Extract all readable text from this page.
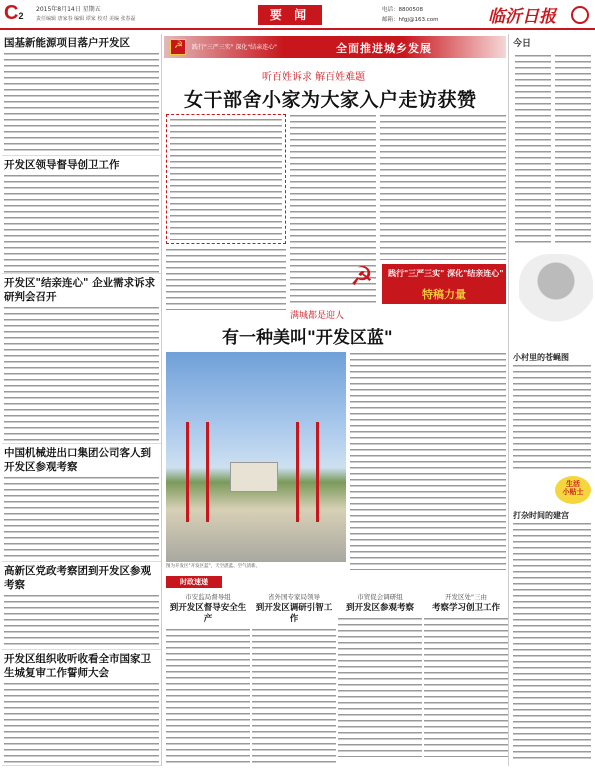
C2
2015年8月14日 星期五
责任编辑 唐家春 编辑 谭家 校对 美编 张春磊	要 闻	电话：8800508
邮箱：hfgj@163.com	临沂日报
国基新能源项目落户开发区
开发区领导督导创卫工作
开发区"结亲连心" 企业需求诉求研判会召开
中国机械进出口集团公司客人到开发区参观考察
高新区党政考察团到开发区参观考察
开发区组织收听收看全市国家卫生城复审工作誓师大会
☭
践行"三严三实" 深化"结亲连心"	全面推进城乡发展
听百姓诉求 解百姓难题
女干部舍小家为大家入户走访获赞
☭	践行"三严三实" 深化"结亲连心"
特稿力量
满城都是迎人
有一种美叫"开发区蓝"
图为开发区"开发区蓝"，天空湛蓝、空气清新。
时政速递
市安监局督导组
到开发区督导安全生产
省外国专家局领导
到开发区调研引智工作
市贸促会调研组
到开发区参观考察
开发区处"三由
考察学习创卫工作
今日
小村里的苍蝇图
生活
小贴士
打杂时间的建宫
